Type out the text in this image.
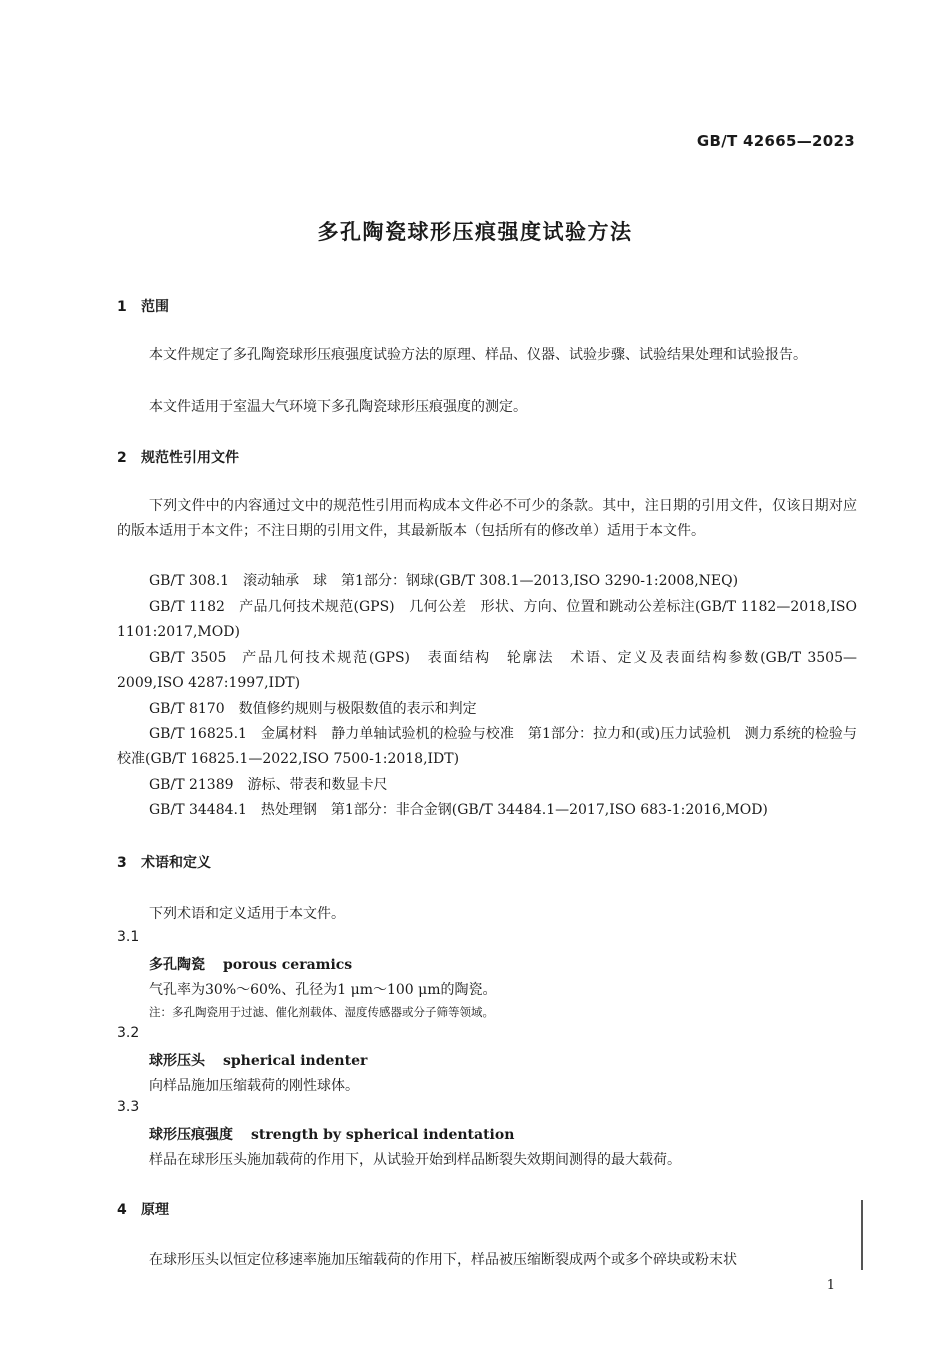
GB/T 42665—2023
多孔陶瓷球形压痕强度试验方法
1 范围
本文件规定了多孔陶瓷球形压痕强度试验方法的原理、样品、仪器、试验步骤、试验结果处理和试验报告。
本文件适用于室温大气环境下多孔陶瓷球形压痕强度的测定。
2 规范性引用文件
下列文件中的内容通过文中的规范性引用而构成本文件必不可少的条款。其中，注日期的引用文件，仅该日期对应的版本适用于本文件；不注日期的引用文件，其最新版本（包括所有的修改单）适用于本文件。
GB/T 308.1 滚动轴承　球　第1部分：钢球(GB/T 308.1—2013,ISO 3290-1:2008,NEQ)
GB/T 1182 产品几何技术规范(GPS)　几何公差　形状、方向、位置和跳动公差标注(GB/T 1182—2018,ISO 1101:2017,MOD)
GB/T 3505 产品几何技术规范(GPS)　表面结构　轮廓法　术语、定义及表面结构参数(GB/T 3505—2009,ISO 4287:1997,IDT)
GB/T 8170 数值修约规则与极限数值的表示和判定
GB/T 16825.1 金属材料　静力单轴试验机的检验与校准　第1部分：拉力和(或)压力试验机　测力系统的检验与校准(GB/T 16825.1—2022,ISO 7500-1:2018,IDT)
GB/T 21389 游标、带表和数显卡尺
GB/T 34484.1 热处理钢　第1部分：非合金钢(GB/T 34484.1—2017,ISO 683-1:2016,MOD)
3 术语和定义
下列术语和定义适用于本文件。
3.1
多孔陶瓷 porous ceramics
气孔率为30%～60%、孔径为1 μm～100 μm的陶瓷。
注：多孔陶瓷用于过滤、催化剂载体、湿度传感器或分子筛等领域。
3.2
球形压头 spherical indenter
向样品施加压缩载荷的刚性球体。
3.3
球形压痕强度 strength by spherical indentation
样品在球形压头施加载荷的作用下，从试验开始到样品断裂失效期间测得的最大载荷。
4 原理
在球形压头以恒定位移速率施加压缩载荷的作用下，样品被压缩断裂成两个或多个碎块或粉末状
1
